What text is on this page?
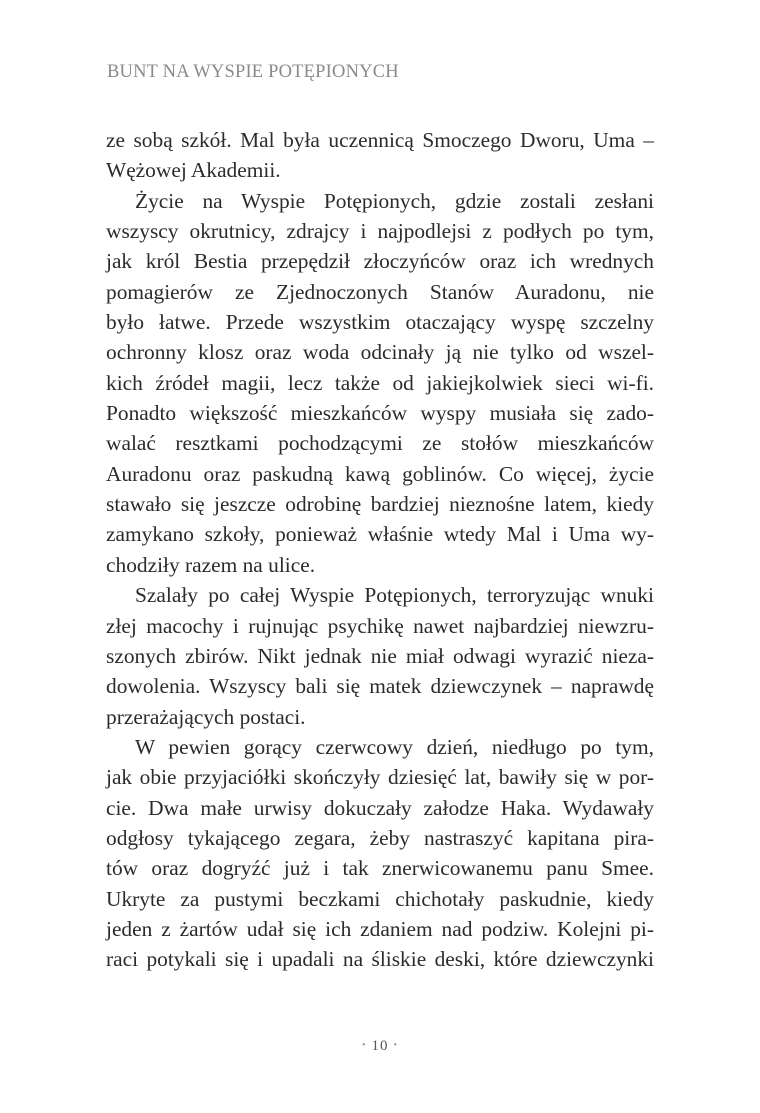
BUNT NA WYSPIE POTĘPIONYCH
ze sobą szkół. Mal była uczennicą Smoczego Dworu, Uma –
Wężowej Akademii.
Życie na Wyspie Potępionych, gdzie zostali zesłani
wszyscy okrutnicy, zdrajcy i najpodlejsi z podłych po tym,
jak król Bestia przepędził złoczyńców oraz ich wrednych
pomagierów ze Zjednoczonych Stanów Auradonu, nie
było łatwe. Przede wszystkim otaczający wyspę szczelny
ochronny klosz oraz woda odcinały ją nie tylko od wszel-
kich źródeł magii, lecz także od jakiejkolwiek sieci wi-fi.
Ponadto większość mieszkańców wyspy musiała się zado-
walać resztkami pochodzącymi ze stołów mieszkańców
Auradonu oraz paskudną kawą goblinów. Co więcej, życie
stawało się jeszcze odrobinę bardziej nieznośne latem, kiedy
zamykano szkoły, ponieważ właśnie wtedy Mal i Uma wy-
chodziły razem na ulice.
Szalały po całej Wyspie Potępionych, terroryzując wnuki
złej macochy i rujnując psychikę nawet najbardziej niewzru-
szonych zbirów. Nikt jednak nie miał odwagi wyrazić nieza-
dowolenia. Wszyscy bali się matek dziewczynek – naprawdę
przerażających postaci.
W pewien gorący czerwcowy dzień, niedługo po tym,
jak obie przyjaciółki skończyły dziesięć lat, bawiły się w por-
cie. Dwa małe urwisy dokuczały załodze Haka. Wydawały
odgłosy tykającego zegara, żeby nastraszyć kapitana pira-
tów oraz dogryźć już i tak znerwicowanemu panu Smee.
Ukryte za pustymi beczkami chichotały paskudnie, kiedy
jeden z żartów udał się ich zdaniem nad podziw. Kolejni pi-
raci potykali się i upadali na śliskie deski, które dziewczynki
• 10 •
